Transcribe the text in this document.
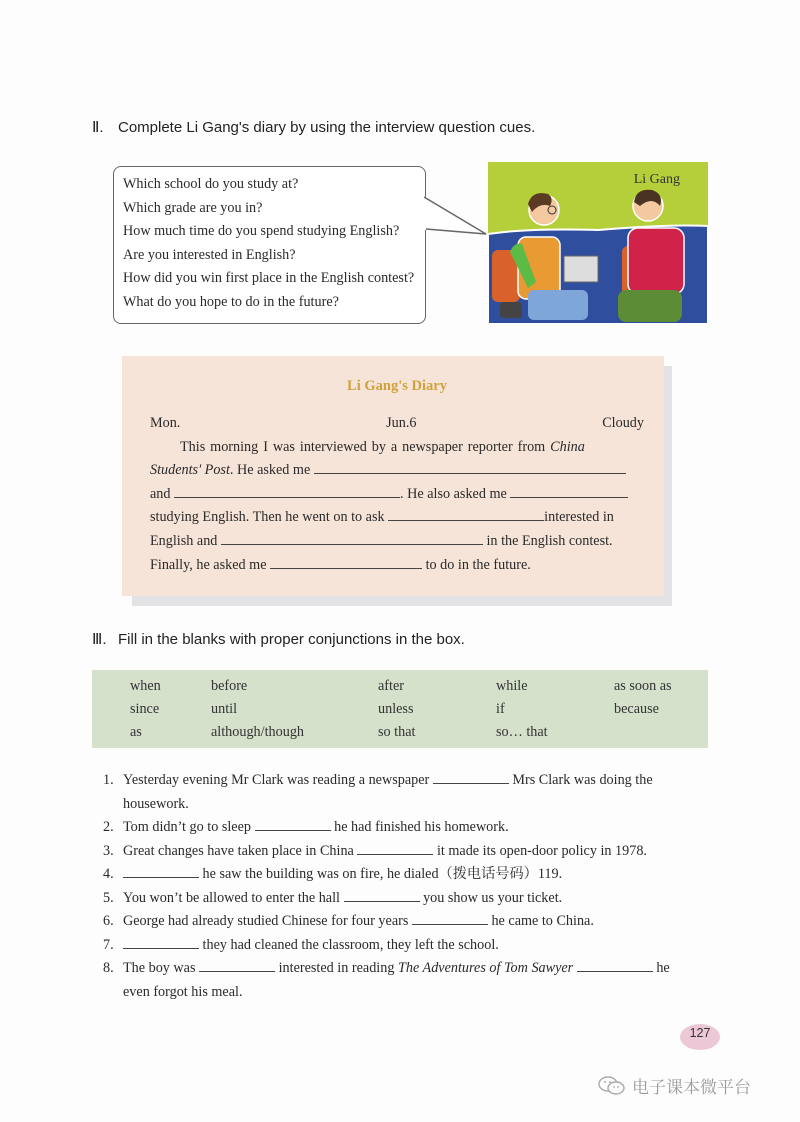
Ⅱ. Complete Li Gang's diary by using the interview question cues.
Which school do you study at?
Which grade are you in?
How much time do you spend studying English?
Are you interested in English?
How did you win first place in the English contest?
What do you hope to do in the future?
Li Gang
Li Gang's Diary
Mon.	Jun.6	Cloudy
This morning I was interviewed by a newspaper reporter from China
Students' Post. He asked me
and	. He also asked me
studying English. Then he went on to ask	interested in
English and	in the English contest.
Finally, he asked me	to do in the future.
Ⅲ. Fill in the blanks with proper conjunctions in the box.
when	before	after	while	as soon as
since	until	unless	if	because
as	although/though	so that	so… that
1. Yesterday evening Mr Clark was reading a newspaper	Mrs Clark was doing the
housework.
2. Tom didn’t go to sleep	he had finished his homework.
3. Great changes have taken place in China	it made its open-door policy in 1978.
4.	he saw the building was on fire, he dialed（拨电话号码）119.
5. You won’t be allowed to enter the hall	you show us your ticket.
6. George had already studied Chinese for four years	he came to China.
7.	they had cleaned the classroom, they left the school.
8. The boy was	interested in reading The Adventures of Tom Sawyer	he
even forgot his meal.
127
电子课本微平台
